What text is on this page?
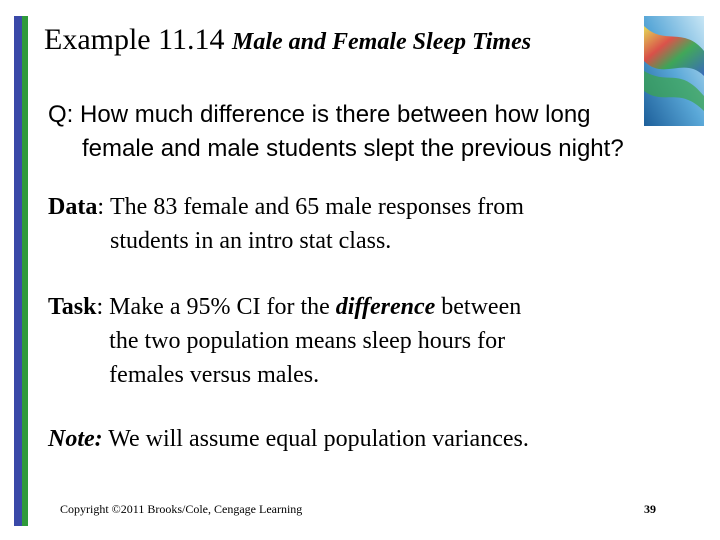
Example 11.14 Male and Female Sleep Times
Q: How much difference is there between how long
female and male students slept the previous night?
Data: The 83 female and 65 male responses from
students in an intro stat class.
Task: Make a 95% CI for the difference between
the two population means sleep hours for
females versus males.
Note: We will assume equal population variances.
Copyright ©2011 Brooks/Cole, Cengage Learning	39
